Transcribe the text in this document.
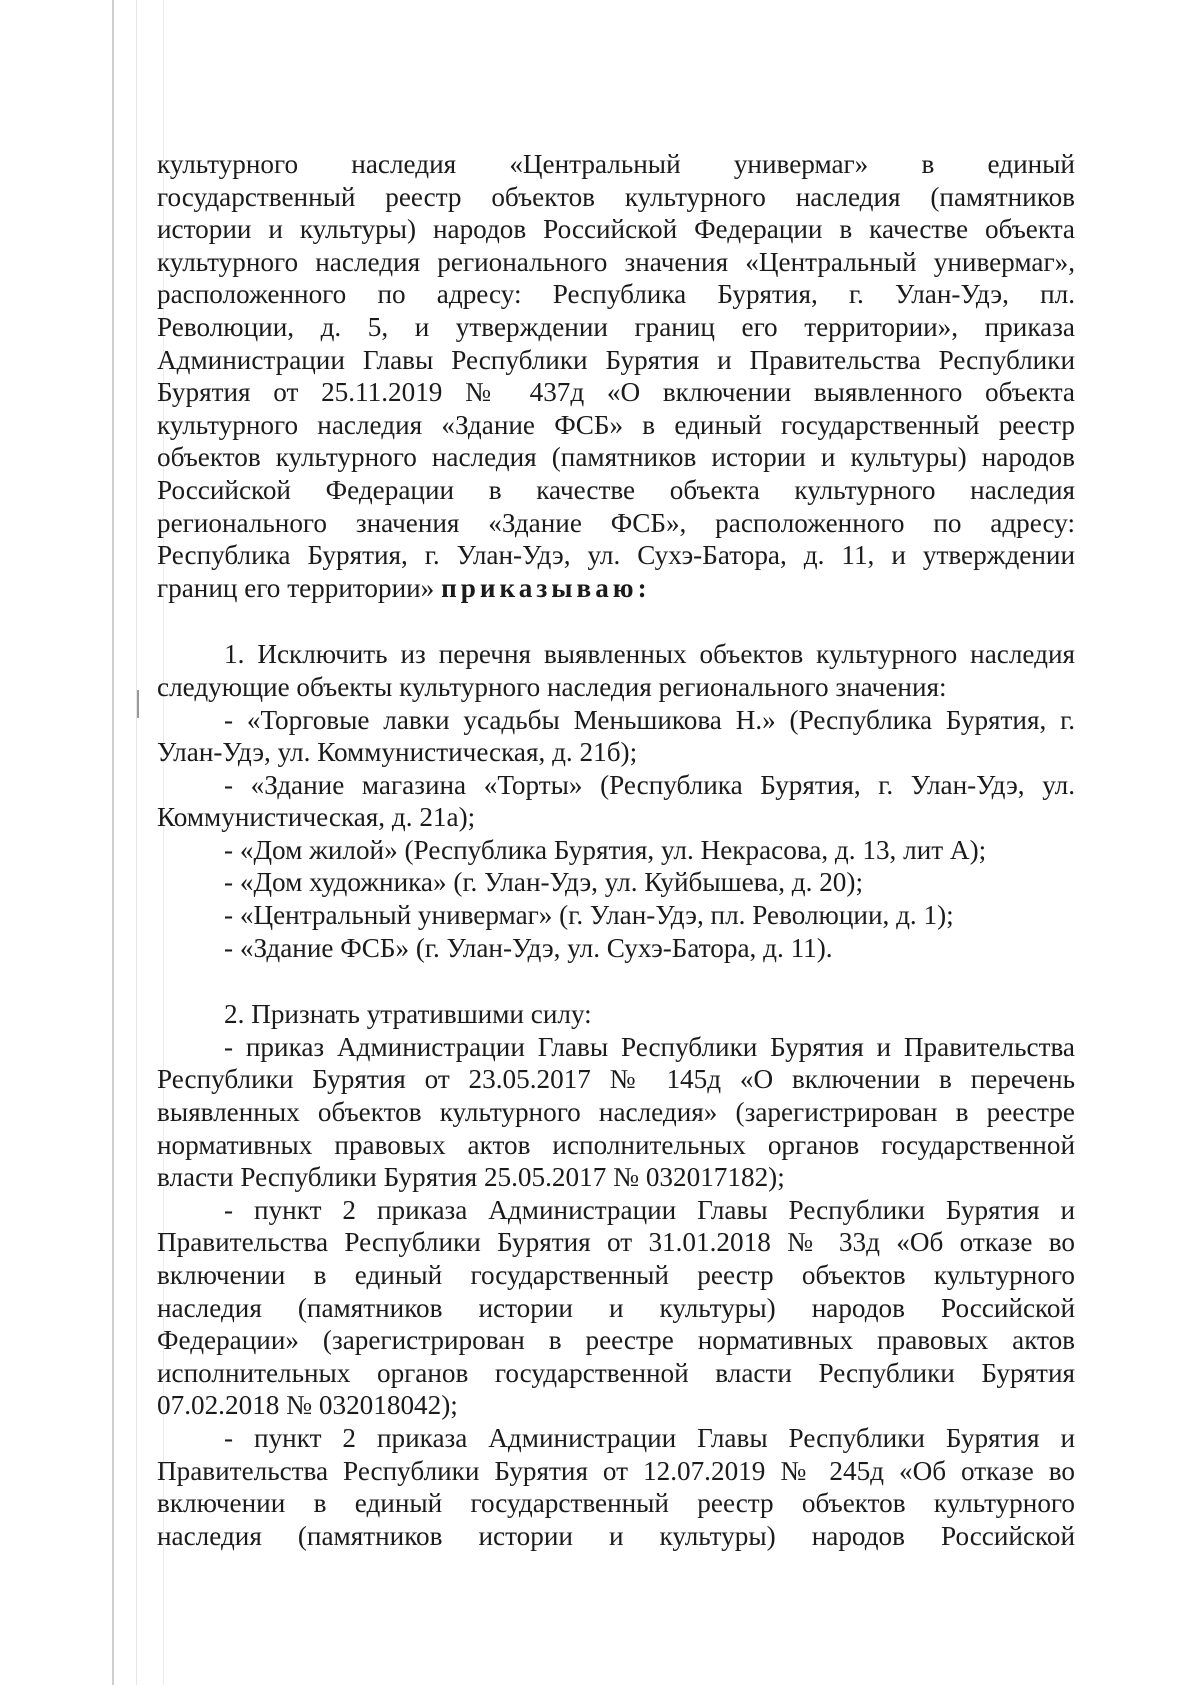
культурного наследия «Центральный универмаг» в единый
государственный реестр объектов культурного наследия (памятников
истории и культуры) народов Российской Федерации в качестве объекта
культурного наследия регионального значения «Центральный универмаг»,
расположенного по адресу: Республика Бурятия, г. Улан-Удэ, пл.
Революции, д. 5, и утверждении границ его территории», приказа
Администрации Главы Республики Бурятия и Правительства Республики
Бурятия от 25.11.2019 № 437д «О включении выявленного объекта
культурного наследия «Здание ФСБ» в единый государственный реестр
объектов культурного наследия (памятников истории и культуры) народов
Российской Федерации в качестве объекта культурного наследия
регионального значения «Здание ФСБ», расположенного по адресу:
Республика Бурятия, г. Улан-Удэ, ул. Сухэ-Батора, д. 11, и утверждении
границ его территории» приказываю:
1. Исключить из перечня выявленных объектов культурного наследия
следующие объекты культурного наследия регионального значения:
- «Торговые лавки усадьбы Меньшикова Н.» (Республика Бурятия, г.
Улан-Удэ, ул. Коммунистическая, д. 21б);
- «Здание магазина «Торты» (Республика Бурятия, г. Улан-Удэ, ул.
Коммунистическая, д. 21а);
- «Дом жилой» (Республика Бурятия, ул. Некрасова, д. 13, лит А);
- «Дом художника» (г. Улан-Удэ, ул. Куйбышева, д. 20);
- «Центральный универмаг» (г. Улан-Удэ, пл. Революции, д. 1);
- «Здание ФСБ» (г. Улан-Удэ, ул. Сухэ-Батора, д. 11).
2. Признать утратившими силу:
- приказ Администрации Главы Республики Бурятия и Правительства
Республики Бурятия от 23.05.2017 № 145д «О включении в перечень
выявленных объектов культурного наследия» (зарегистрирован в реестре
нормативных правовых актов исполнительных органов государственной
власти Республики Бурятия 25.05.2017 № 032017182);
- пункт 2 приказа Администрации Главы Республики Бурятия и
Правительства Республики Бурятия от 31.01.2018 № 33д «Об отказе во
включении в единый государственный реестр объектов культурного
наследия (памятников истории и культуры) народов Российской
Федерации» (зарегистрирован в реестре нормативных правовых актов
исполнительных органов государственной власти Республики Бурятия
07.02.2018 № 032018042);
- пункт 2 приказа Администрации Главы Республики Бурятия и
Правительства Республики Бурятия от 12.07.2019 № 245д «Об отказе во
включении в единый государственный реестр объектов культурного
наследия (памятников истории и культуры) народов Российской
